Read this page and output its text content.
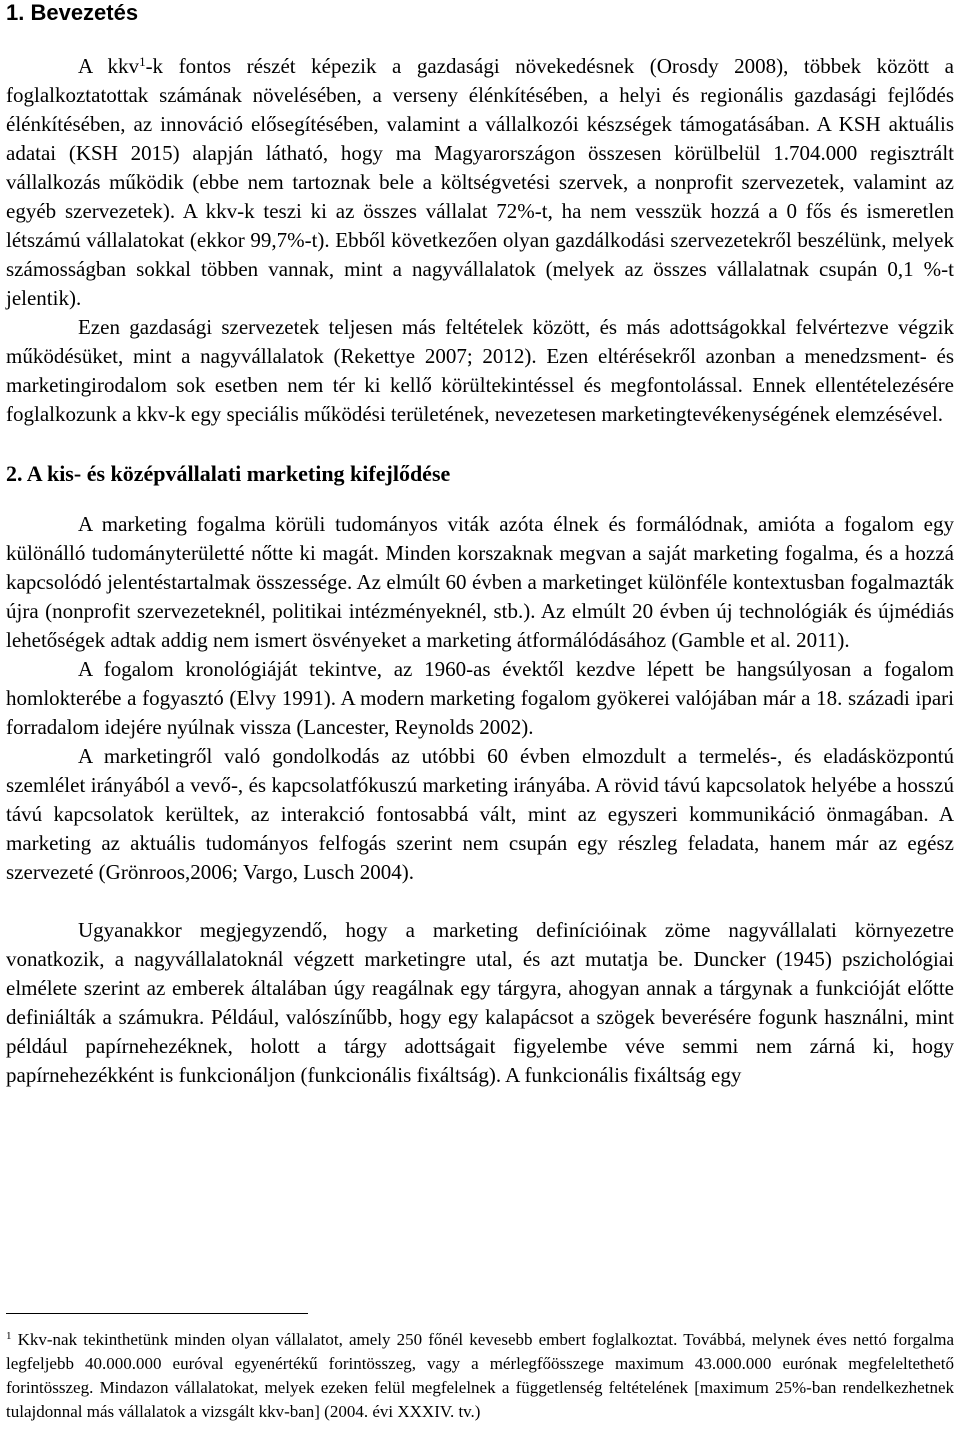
1. Bevezetés

A kkv$^1$-k fontos részét képezik a gazdasági növekedésnek (Orosdy 2008), többek között a foglalkoztatottak számának növelésében, a verseny élénkítésében, a helyi és regionális gazdasági fejlődés élénkítésében, az innováció elősegítésében, valamint a vállalkozói készségek támogatásában. A KSH aktuális adatai (KSH 2015) alapján látható, hogy ma Magyarországon összesen körülbelül 1.704.000 regisztrált vállalkozás működik (ebbe nem tartoznak bele a költségvetési szervek, a nonprofit szervezetek, valamint az egyéb szervezetek). A kkv-k teszi ki az összes vállalat 72%-t, ha nem vesszük hozzá a 0 fős és ismeretlen létszámú vállalatokat (ekkor 99,7%-t). Ebből következően olyan gazdálkodási szervezetekről beszélünk, melyek számosságban sokkal többen vannak, mint a nagyvállalatok (melyek az összes vállalatnak csupán 0,1 %-t jelentik).

Ezen gazdasági szervezetek teljesen más feltételek között, és más adottságokkal felvértezve végzik működésüket, mint a nagyvállalatok (Rekettye 2007; 2012). Ezen eltérésekről azonban a menedzsment- és marketingirodalom sok esetben nem tér ki kellő körültekintéssel és megfontolással. Ennek ellentételezésére foglalkozunk a kkv-k egy speciális működési területének, nevezetesen marketingtevékenységének elemzésével.

2. A kis- és középvállalati marketing kifejlődése

A marketing fogalma körüli tudományos viták azóta élnek és formálódnak, amióta a fogalom egy különálló tudományterületté nőtte ki magát. Minden korszaknak megvan a saját marketing fogalma, és a hozzá kapcsolódó jelentéstartalmak összessége. Az elmúlt 60 évben a marketinget különféle kontextusban fogalmazták újra (nonprofit szervezeteknél, politikai intézményeknél, stb.). Az elmúlt 20 évben új technológiák és újmédiás lehetőségek adtak addig nem ismert ösvényeket a marketing átformálódásához (Gamble et al. 2011).

A fogalom kronológiáját tekintve, az 1960-as évektől kezdve lépett be hangsúlyosan a fogalom homlokterébe a fogyasztó (Elvy 1991). A modern marketing fogalom gyökerei valójában már a 18. századi ipari forradalom idejére nyúlnak vissza (Lancester, Reynolds 2002).

A marketingről való gondolkodás az utóbbi 60 évben elmozdult a termelés-, és eladásközpontú szemlélet irányából a vevő-, és kapcsolatfókuszú marketing irányába. A rövid távú kapcsolatok helyébe a hosszú távú kapcsolatok kerültek, az interakció fontosabbá vált, mint az egyszeri kommunikáció önmagában. A marketing az aktuális tudományos felfogás szerint nem csupán egy részleg feladata, hanem már az egész szervezeté (Grönroos,2006; Vargo, Lusch 2004).

Ugyanakkor megjegyzendő, hogy a marketing definícióinak zöme nagyvállalati környezetre vonatkozik, a nagyvállalatoknál végzett marketingre utal, és azt mutatja be. Duncker (1945) pszichológiai elmélete szerint az emberek általában úgy reagálnak egy tárgyra, ahogyan annak a tárgynak a funkcióját előtte definiálták a számukra. Például, valószínűbb, hogy egy kalapácsot a szögek beverésére fogunk használni, mint például papírnehezéknek, holott a tárgy adottságait figyelembe véve semmi nem zárná ki, hogy papírnehezékként is funkcionáljon (funkcionális fixáltság). A funkcionális fixáltság egy

$^1$ Kkv-nak tekinthetünk minden olyan vállalatot, amely 250 főnél kevesebb embert foglalkoztat. Továbbá, melynek éves nettó forgalma legfeljebb 40.000.000 euróval egyenértékű forintösszeg, vagy a mérlegfőösszege maximum 43.000.000 eurónak megfeleltethető forintösszeg. Mindazon vállalatokat, melyek ezeken felül megfelelnek a függetlenség feltételének [maximum 25%-ban rendelkezhetnek tulajdonnal más vállalatok a vizsgált kkv-ban] (2004. évi XXXIV. tv.)
